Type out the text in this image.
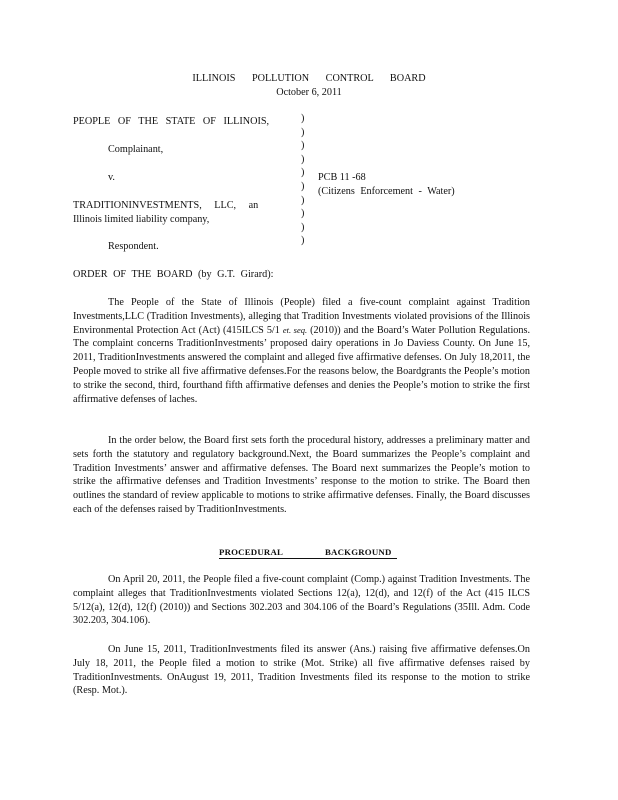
ILLINOIS POLLUTION CONTROL BOARD
October 6, 2011
PEOPLE OF THE STATE OF ILLINOIS,
Complainant,
v.	PCB 11 -68
(Citizens Enforcement - Water)
TRADITIONINVESTMENTS, LLC, an
Illinois limited liability company,
Respondent.
)
)
)
)
)
)
)
)
)
)
ORDER OF THE BOARD (by G.T. Girard):

The People of the State of Illinois (People) filed a five-count complaint against Tradition Investments,LLC (Tradition Investments), alleging that Tradition Investments violated provisions of the Illinois Environmental Protection Act (Act) (415ILCS 5/1 et. seq. (2010)) and the Board’s Water Pollution Regulations. The complaint concerns TraditionInvestments’ proposed dairy operations in Jo Daviess County. On June 15, 2011, TraditionInvestments answered the complaint and alleged five affirmative defenses. On July 18,2011, the People moved to strike all five affirmative defenses.For the reasons below, the Boardgrants the People’s motion to strike the second, third, fourthand fifth affirmative defenses and denies the People’s motion to strike the first affirmative defenses of laches.

In the order below, the Board first sets forth the procedural history, addresses a preliminary matter and sets forth the statutory and regulatory background.Next, the Board summarizes the People’s complaint and Tradition Investments’ answer and affirmative defenses. The Board next summarizes the People’s motion to strike the affirmative defenses and Tradition Investments’ response to the motion to strike. The Board then outlines the standard of review applicable to motions to strike affirmative defenses. Finally, the Board discusses each of the defenses raised by TraditionInvestments.

PROCEDURAL BACKGROUND

On April 20, 2011, the People filed a five-count complaint (Comp.) against Tradition Investments. The complaint alleges that TraditionInvestments violated Sections 12(a), 12(d), and 12(f) of the Act (415 ILCS 5/12(a), 12(d), 12(f) (2010)) and Sections 302.203 and 304.106 of the Board’s Regulations (35Ill. Adm. Code 302.203, 304.106).

On June 15, 2011, TraditionInvestments filed its answer (Ans.) raising five affirmative defenses.On July 18, 2011, the People filed a motion to strike (Mot. Strike) all five affirmative defenses raised by TraditionInvestments. OnAugust 19, 2011, Tradition Investments filed its response to the motion to strike (Resp. Mot.).
